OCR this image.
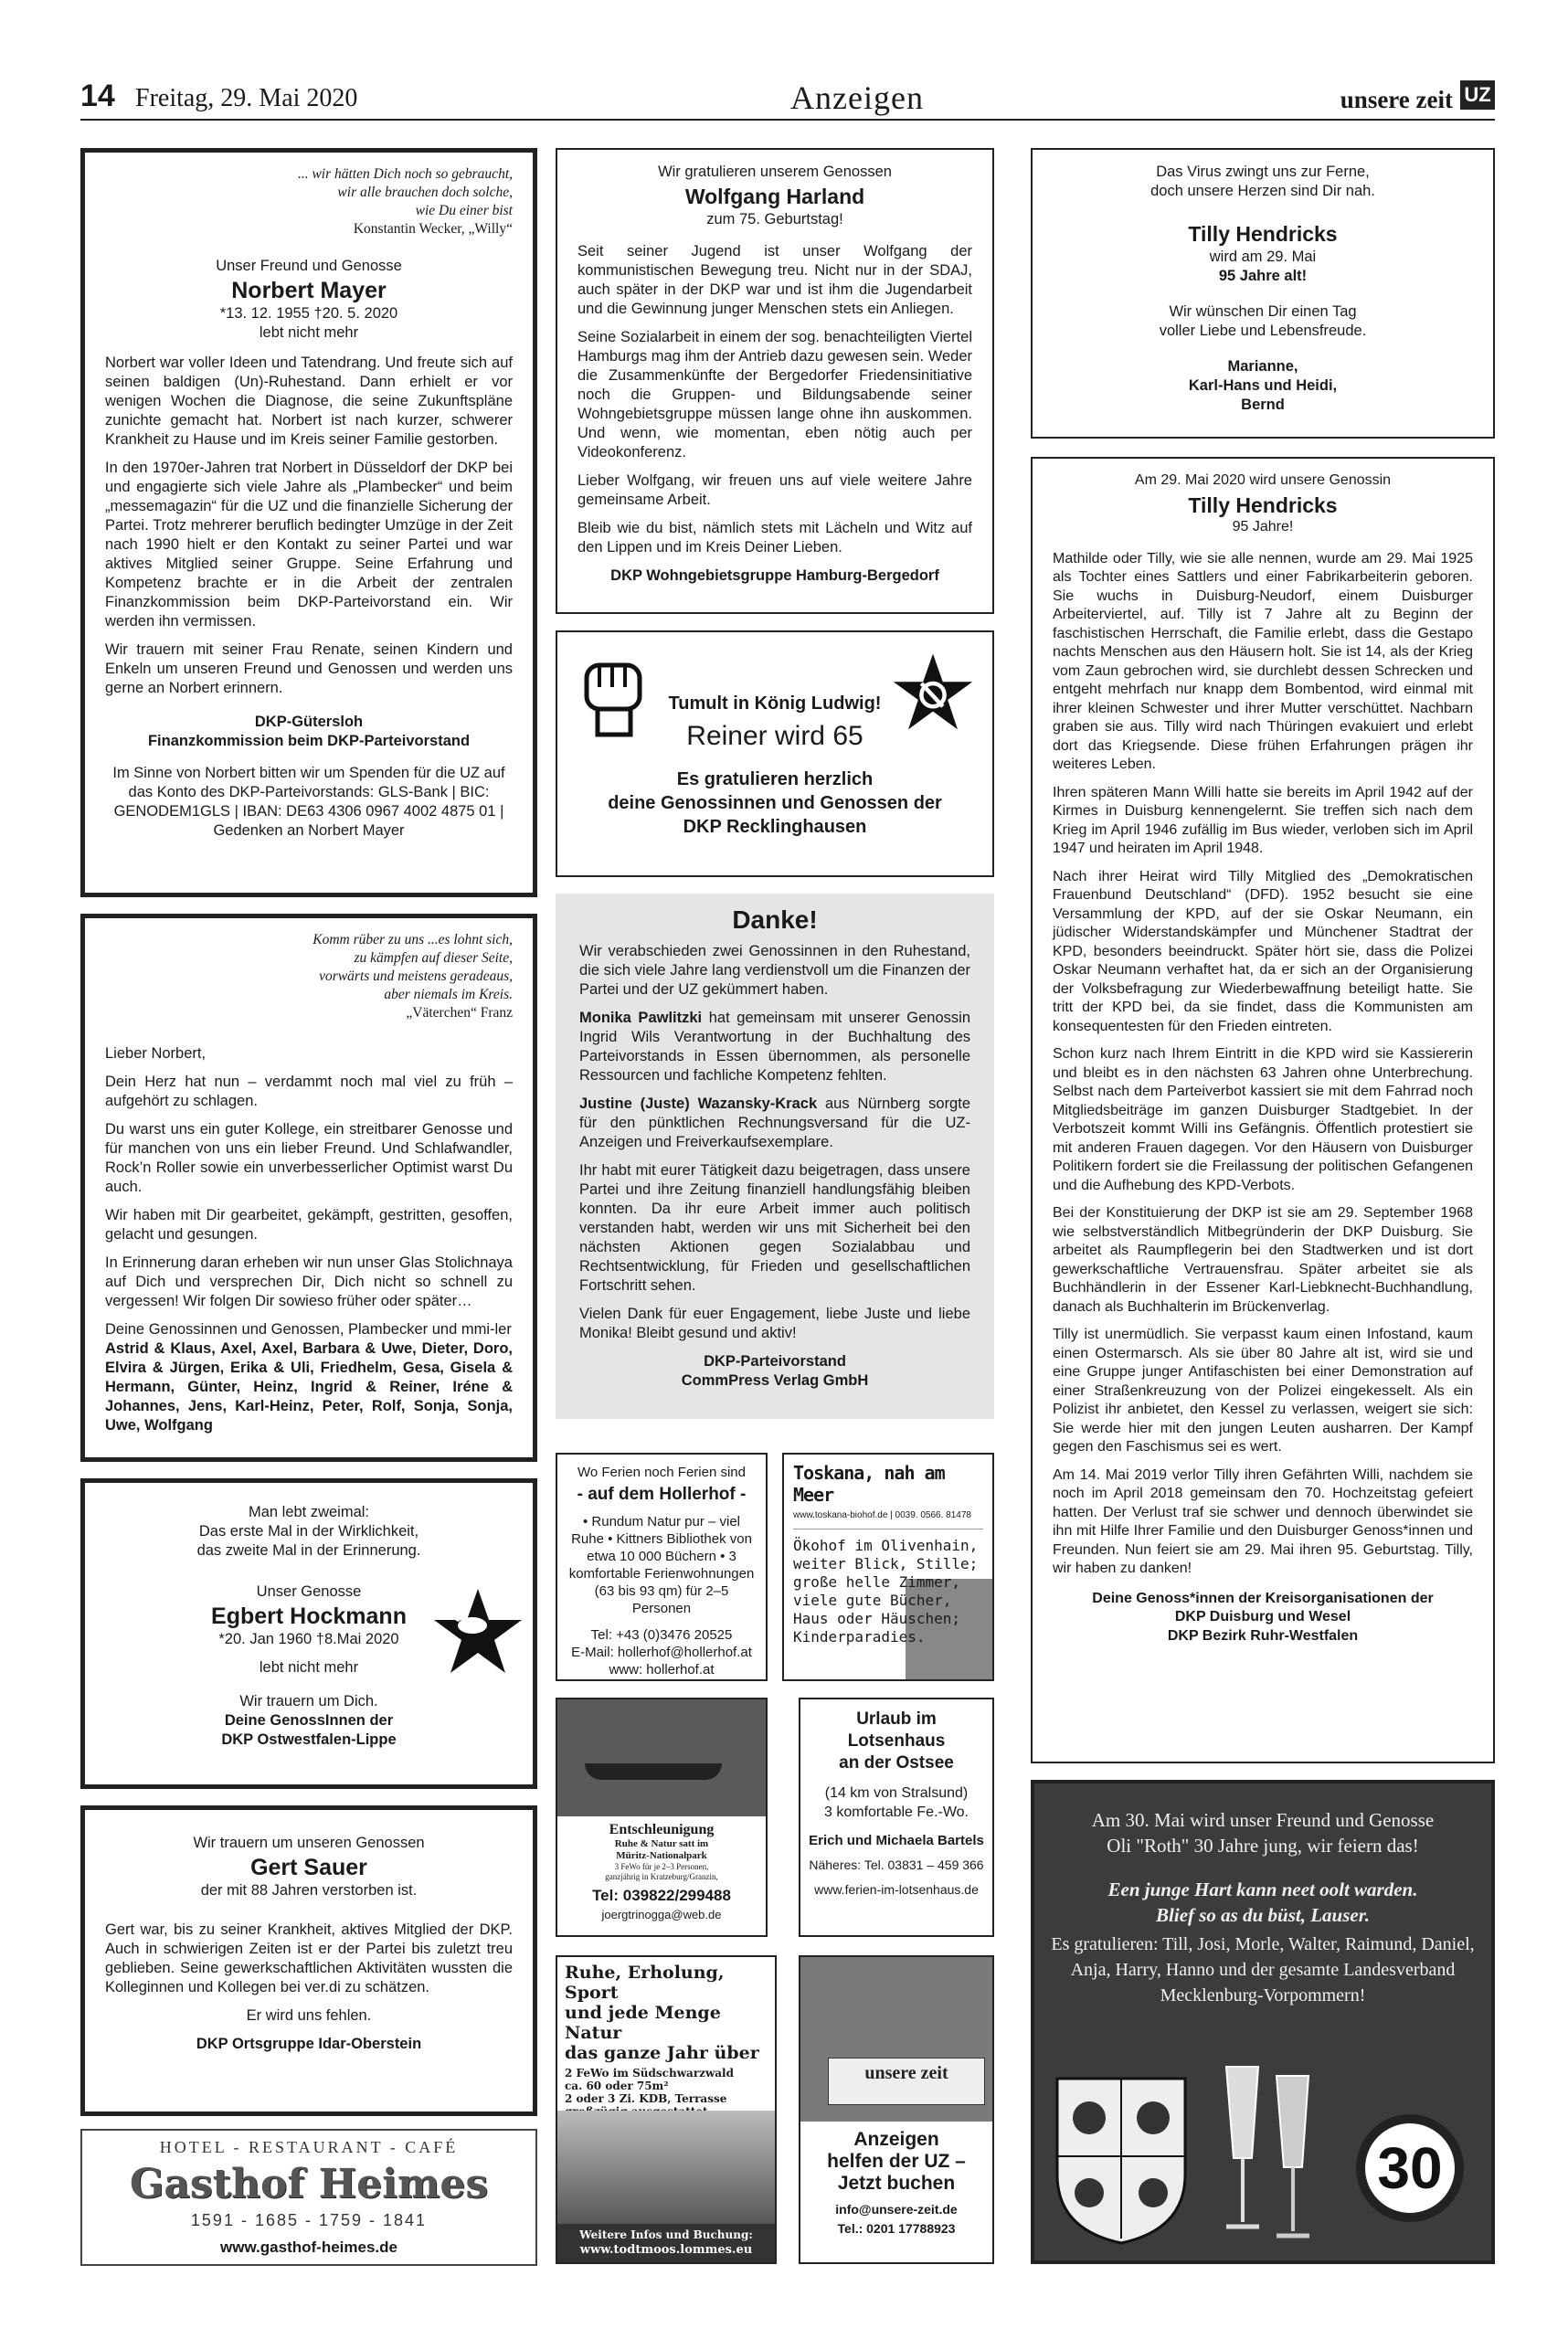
14 Freitag, 29. Mai 2020	Anzeigen	unsere zeit UZ
... wir hätten Dich noch so gebraucht,
wir alle brauchen doch solche,
wie Du einer bist
Konstantin Wecker, „Willy“
Unser Freund und Genosse
Norbert Mayer
*13. 12. 1955 †20. 5. 2020
lebt nicht mehr

Norbert war voller Ideen und Tatendrang. Und freute sich auf seinen baldigen (Un)-Ruhestand. Dann erhielt er vor wenigen Wochen die Diagnose, die seine Zukunftspläne zunichte gemacht hat. Norbert ist nach kurzer, schwerer Krankheit zu Hause und im Kreis seiner Familie gestorben.

In den 1970er-Jahren trat Norbert in Düsseldorf der DKP bei und engagierte sich viele Jahre als „Plambecker“ und beim „messemagazin“ für die UZ und die finanzielle Sicherung der Partei. Trotz mehrerer beruflich bedingter Umzüge in der Zeit nach 1990 hielt er den Kontakt zu seiner Partei und war aktives Mitglied seiner Gruppe. Seine Erfahrung und Kompetenz brachte er in die Arbeit der zentralen Finanzkommission beim DKP-Parteivorstand ein. Wir werden ihn vermissen.

Wir trauern mit seiner Frau Renate, seinen Kindern und Enkeln um unseren Freund und Genossen und werden uns gerne an Norbert erinnern.

DKP-Gütersloh
Finanzkommission beim DKP-Parteivorstand

Im Sinne von Norbert bitten wir um Spenden für die UZ auf das Konto des DKP-Parteivorstands: GLS-Bank | BIC: GENODEM1GLS | IBAN: DE63 4306 0967 4002 4875 01 | Gedenken an Norbert Mayer

Komm rüber zu uns ...es lohnt sich,
zu kämpfen auf dieser Seite,
vorwärts und meistens geradeaus,
aber niemals im Kreis.
„Väterchen“ Franz

Lieber Norbert,

Dein Herz hat nun – verdammt noch mal viel zu früh – aufgehört zu schlagen.

Du warst uns ein guter Kollege, ein streitbarer Genosse und für manchen von uns ein lieber Freund. Und Schlafwandler, Rock’n Roller sowie ein unverbesserlicher Optimist warst Du auch.

Wir haben mit Dir gearbeitet, gekämpft, gestritten, gesoffen, gelacht und gesungen.

In Erinnerung daran erheben wir nun unser Glas Stolichnaya auf Dich und versprechen Dir, Dich nicht so schnell zu vergessen! Wir folgen Dir sowieso früher oder später…

Deine Genossinnen und Genossen, Plambecker und mmi-ler
Astrid & Klaus, Axel, Axel, Barbara & Uwe, Dieter, Doro, Elvira & Jürgen, Erika & Uli, Friedhelm, Gesa, Gisela & Hermann, Günter, Heinz, Ingrid & Reiner, Iréne & Johannes, Jens, Karl-Heinz, Peter, Rolf, Sonja, Sonja, Uwe, Wolfgang
Man lebt zweimal:
Das erste Mal in der Wirklichkeit,
das zweite Mal in der Erinnerung.
Unser Genosse
Egbert Hockmann
*20. Jan 1960 †8.Mai 2020
lebt nicht mehr
Wir trauern um Dich.
Deine GenossInnen der
DKP Ostwestfalen-Lippe
Wir trauern um unseren Genossen
Gert Sauer
der mit 88 Jahren verstorben ist.

Gert war, bis zu seiner Krankheit, aktives Mitglied der DKP. Auch in schwierigen Zeiten ist er der Partei bis zuletzt treu geblieben. Seine gewerkschaftlichen Aktivitäten wussten die Kolleginnen und Kollegen bei ver.di zu schätzen.

Er wird uns fehlen.

DKP Ortsgruppe Idar-Oberstein
HOTEL - RESTAURANT - CAFÉ
Gasthof Heimes
1591 - 1685 - 1759 - 1841
www.gasthof-heimes.de
Wir gratulieren unserem Genossen
Wolfgang Harland
zum 75. Geburtstag!

Seit seiner Jugend ist unser Wolfgang der kommunistischen Bewegung treu. Nicht nur in der SDAJ, auch später in der DKP war und ist ihm die Jugendarbeit und die Gewinnung junger Menschen stets ein Anliegen.

Seine Sozialarbeit in einem der sog. benachteiligten Viertel Hamburgs mag ihm der Antrieb dazu gewesen sein. Weder die Zusammenkünfte der Bergedorfer Friedensinitiative noch die Gruppen- und Bildungsabende seiner Wohngebietsgruppe müssen lange ohne ihn auskommen. Und wenn, wie momentan, eben nötig auch per Videokonferenz.

Lieber Wolfgang, wir freuen uns auf viele weitere Jahre gemeinsame Arbeit.

Bleib wie du bist, nämlich stets mit Lächeln und Witz auf den Lippen und im Kreis Deiner Lieben.

DKP Wohngebietsgruppe Hamburg-Bergedorf
Tumult in König Ludwig!
Reiner wird 65
Es gratulieren herzlich
deine Genossinnen und Genossen der
DKP Recklinghausen
Danke!

Wir verabschieden zwei Genossinnen in den Ruhestand, die sich viele Jahre lang verdienstvoll um die Finanzen der Partei und der UZ gekümmert haben.

Monika Pawlitzki hat gemeinsam mit unserer Genossin Ingrid Wils Verantwortung in der Buchhaltung des Parteivorstands in Essen übernommen, als personelle Ressourcen und fachliche Kompetenz fehlten.

Justine (Juste) Wazansky-Krack aus Nürnberg sorgte für den pünktlichen Rechnungsversand für die UZ-Anzeigen und Freiverkaufsexemplare.

Ihr habt mit eurer Tätigkeit dazu beigetragen, dass unsere Partei und ihre Zeitung finanziell handlungsfähig bleiben konnten. Da ihr eure Arbeit immer auch politisch verstanden habt, werden wir uns mit Sicherheit bei den nächsten Aktionen gegen Sozialabbau und Rechtsentwicklung, für Frieden und gesellschaftlichen Fortschritt sehen.

Vielen Dank für euer Engagement, liebe Juste und liebe Monika! Bleibt gesund und aktiv!

DKP-Parteivorstand
CommPress Verlag GmbH
Wo Ferien noch Ferien sind
- auf dem Hollerhof -
• Rundum Natur pur – viel Ruhe • Kittners Bibliothek von etwa 10 000 Büchern • 3 komfortable Ferienwohnungen (63 bis 93 qm) für 2–5 Personen
Tel: +43 (0)3476 20525
E-Mail: hollerhof@hollerhof.at
www: hollerhof.at
Toskana, nah am Meer
www.toskana-biohof.de | 0039. 0566. 81478
Ökohof im Olivenhain,
weiter Blick, Stille;
große helle Zimmer,
viele gute Bücher,
Haus oder Häuschen;
Kinderparadies.
Entschleunigung
Ruhe & Natur satt im
Müritz-Nationalpark
3 FeWo für je 2–3 Personen,
ganzjährig in Kratzeburg/Granzin,
Tel: 039822/299488
joergtrinogga@web.de
Urlaub im Lotsenhaus
an der Ostsee
(14 km von Stralsund)
3 komfortable Fe.-Wo.
Erich und Michaela Bartels
Näheres: Tel. 03831 – 459 366
www.ferien-im-lotsenhaus.de
Ruhe, Erholung, Sport
und jede Menge Natur
das ganze Jahr über
2 FeWo im Südschwarzwald
ca. 60 oder 75m²
2 oder 3 Zi. KDB, Terrasse
Weitere Infos und Buchung:
www.todtmoos.lommes.eu
unsere zeit
Anzeigen
helfen der UZ –
Jetzt buchen
info@unsere-zeit.de
Tel.: 0201 17788923
Das Virus zwingt uns zur Ferne,
doch unsere Herzen sind Dir nah.
Tilly Hendricks
wird am 29. Mai
95 Jahre alt!
Wir wünschen Dir einen Tag
voller Liebe und Lebensfreude.
Marianne,
Karl-Hans und Heidi,
Bernd
Am 29. Mai 2020 wird unsere Genossin
Tilly Hendricks
95 Jahre!

Mathilde oder Tilly, wie sie alle nennen, wurde am 29. Mai 1925 als Tochter eines Sattlers und einer Fabrikarbeiterin geboren. Sie wuchs in Duisburg-Neudorf, einem Duisburger Arbeiterviertel, auf. Tilly ist 7 Jahre alt zu Beginn der faschistischen Herrschaft, die Familie erlebt, dass die Gestapo nachts Menschen aus den Häusern holt. Sie ist 14, als der Krieg vom Zaun gebrochen wird, sie durchlebt dessen Schrecken und entgeht mehrfach nur knapp dem Bombentod, wird einmal mit ihrer kleinen Schwester und ihrer Mutter verschüttet. Nachbarn graben sie aus. Tilly wird nach Thüringen evakuiert und erlebt dort das Kriegsende. Diese frühen Erfahrungen prägen ihr weiteres Leben.

Ihren späteren Mann Willi hatte sie bereits im April 1942 auf der Kirmes in Duisburg kennengelernt. Sie treffen sich nach dem Krieg im April 1946 zufällig im Bus wieder, verloben sich im April 1947 und heiraten im April 1948.

Nach ihrer Heirat wird Tilly Mitglied des „Demokratischen Frauenbund Deutschland“ (DFD). 1952 besucht sie eine Versammlung der KPD, auf der sie Oskar Neumann, ein jüdischer Widerstandskämpfer und Münchener Stadtrat der KPD, besonders beeindruckt. Später hört sie, dass die Polizei Oskar Neumann verhaftet hat, da er sich an der Organisierung der Volksbefragung zur Wiederbewaffnung beteiligt hatte. Sie tritt der KPD bei, da sie findet, dass die Kommunisten am konsequentesten für den Frieden eintreten.

Schon kurz nach Ihrem Eintritt in die KPD wird sie Kassiererin und bleibt es in den nächsten 63 Jahren ohne Unterbrechung. Selbst nach dem Parteiverbot kassiert sie mit dem Fahrrad noch Mitgliedsbeiträge im ganzen Duisburger Stadtgebiet. In der Verbotszeit kommt Willi ins Gefängnis. Öffentlich protestiert sie mit anderen Frauen dagegen. Vor den Häusern von Duisburger Politikern fordert sie die Freilassung der politischen Gefangenen und die Aufhebung des KPD-Verbots.

Bei der Konstituierung der DKP ist sie am 29. September 1968 wie selbstverständlich Mitbegründerin der DKP Duisburg. Sie arbeitet als Raumpflegerin bei den Stadtwerken und ist dort gewerkschaftliche Vertrauensfrau. Später arbeitet sie als Buchhändlerin in der Essener Karl-Liebknecht-Buchhandlung, danach als Buchhalterin im Brückenverlag.

Tilly ist unermüdlich. Sie verpasst kaum einen Infostand, kaum einen Ostermarsch. Als sie über 80 Jahre alt ist, wird sie und eine Gruppe junger Antifaschisten bei einer Demonstration auf einer Straßenkreuzung von der Polizei eingekesselt. Als ein Polizist ihr anbietet, den Kessel zu verlassen, weigert sie sich: Sie werde hier mit den jungen Leuten ausharren. Der Kampf gegen den Faschismus sei es wert.

Am 14. Mai 2019 verlor Tilly ihren Gefährten Willi, nachdem sie noch im April 2018 gemeinsam den 70. Hochzeitstag gefeiert hatten. Der Verlust traf sie schwer und dennoch überwindet sie ihn mit Hilfe Ihrer Familie und den Duisburger Genoss*innen und Freunden. Nun feiert sie am 29. Mai ihren 95. Geburtstag. Tilly, wir haben zu danken!

Deine Genoss*innen der Kreisorganisationen der
DKP Duisburg und Wesel
DKP Bezirk Ruhr-Westfalen
Am 30. Mai wird unser Freund und Genosse
Oli "Roth" 30 Jahre jung, wir feiern das!
Een junge Hart kann neet oolt warden.
Blief so as du büst, Lauser.
Es gratulieren: Till, Josi, Morle, Walter, Raimund, Daniel, Anja, Harry, Hanno und der gesamte Landesverband Mecklenburg-Vorpommern!
30
